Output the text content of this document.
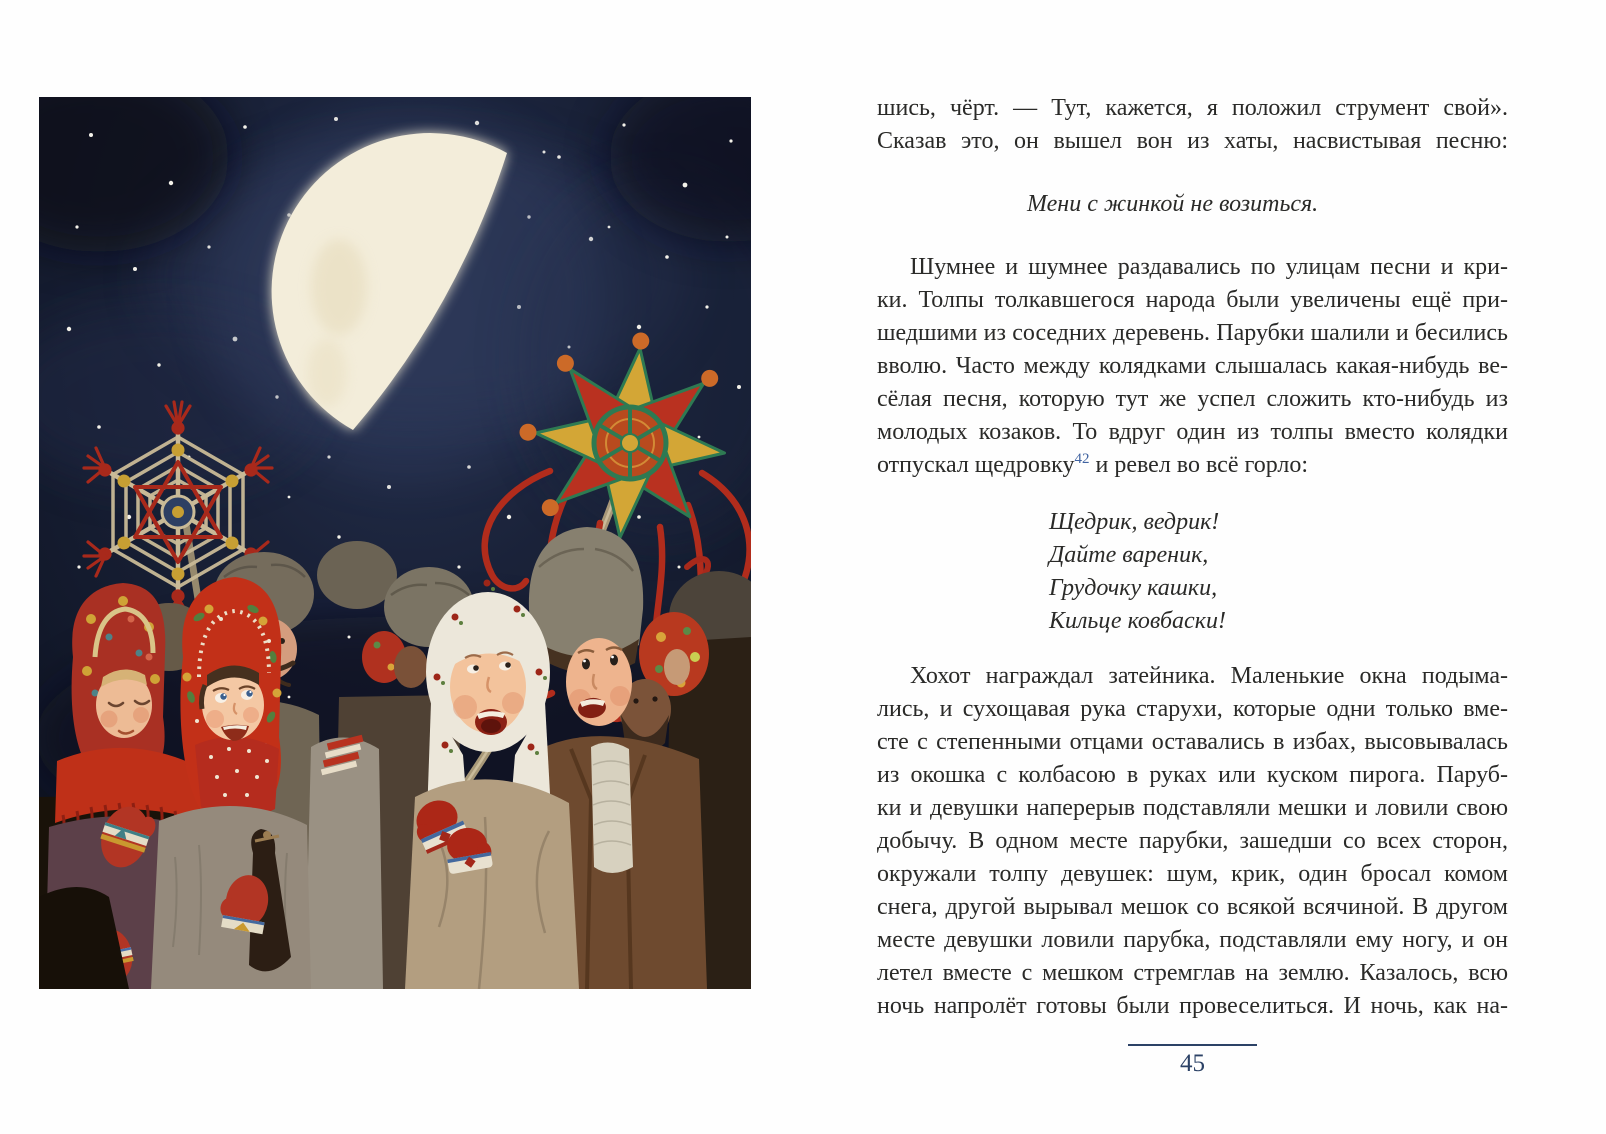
шись, чёрт. — Тут, кажется, я положил струмент свой».
Сказав это, он вышел вон из хаты, насвистывая песню:
Мени с жинкой не возиться.
Шумнее и шумнее раздавались по улицам песни и кри-
ки. Толпы толкавшегося народа были увеличены ещё при-
шедшими из соседних деревень. Парубки шалили и бесились
вволю. Часто между колядками слышалась какая-нибудь ве-
сёлая песня, которую тут же успел сложить кто-нибудь из
молодых козаков. То вдруг один из толпы вместо колядки
отпускал щедровку$^{42}$ и ревел во всё горло:
Щедрик, ведрик!
Дайте вареник,
Грудочку кашки,
Кильце ковбаски!
Хохот награждал затейника. Маленькие окна подыма-
лись, и сухощавая рука старухи, которые одни только вме-
сте с степенными отцами оставались в избах, высовывалась
из окошка с колбасою в руках или куском пирога. Паруб-
ки и девушки наперерыв подставляли мешки и ловили свою
добычу. В одном месте парубки, зашедши со всех сторон,
окружали толпу девушек: шум, крик, один бросал комом
снега, другой вырывал мешок со всякой всячиной. В другом
месте девушки ловили парубка, подставляли ему ногу, и он
летел вместе с мешком стремглав на землю. Казалось, всю
ночь напролёт готовы были провеселиться. И ночь, как на-
45
